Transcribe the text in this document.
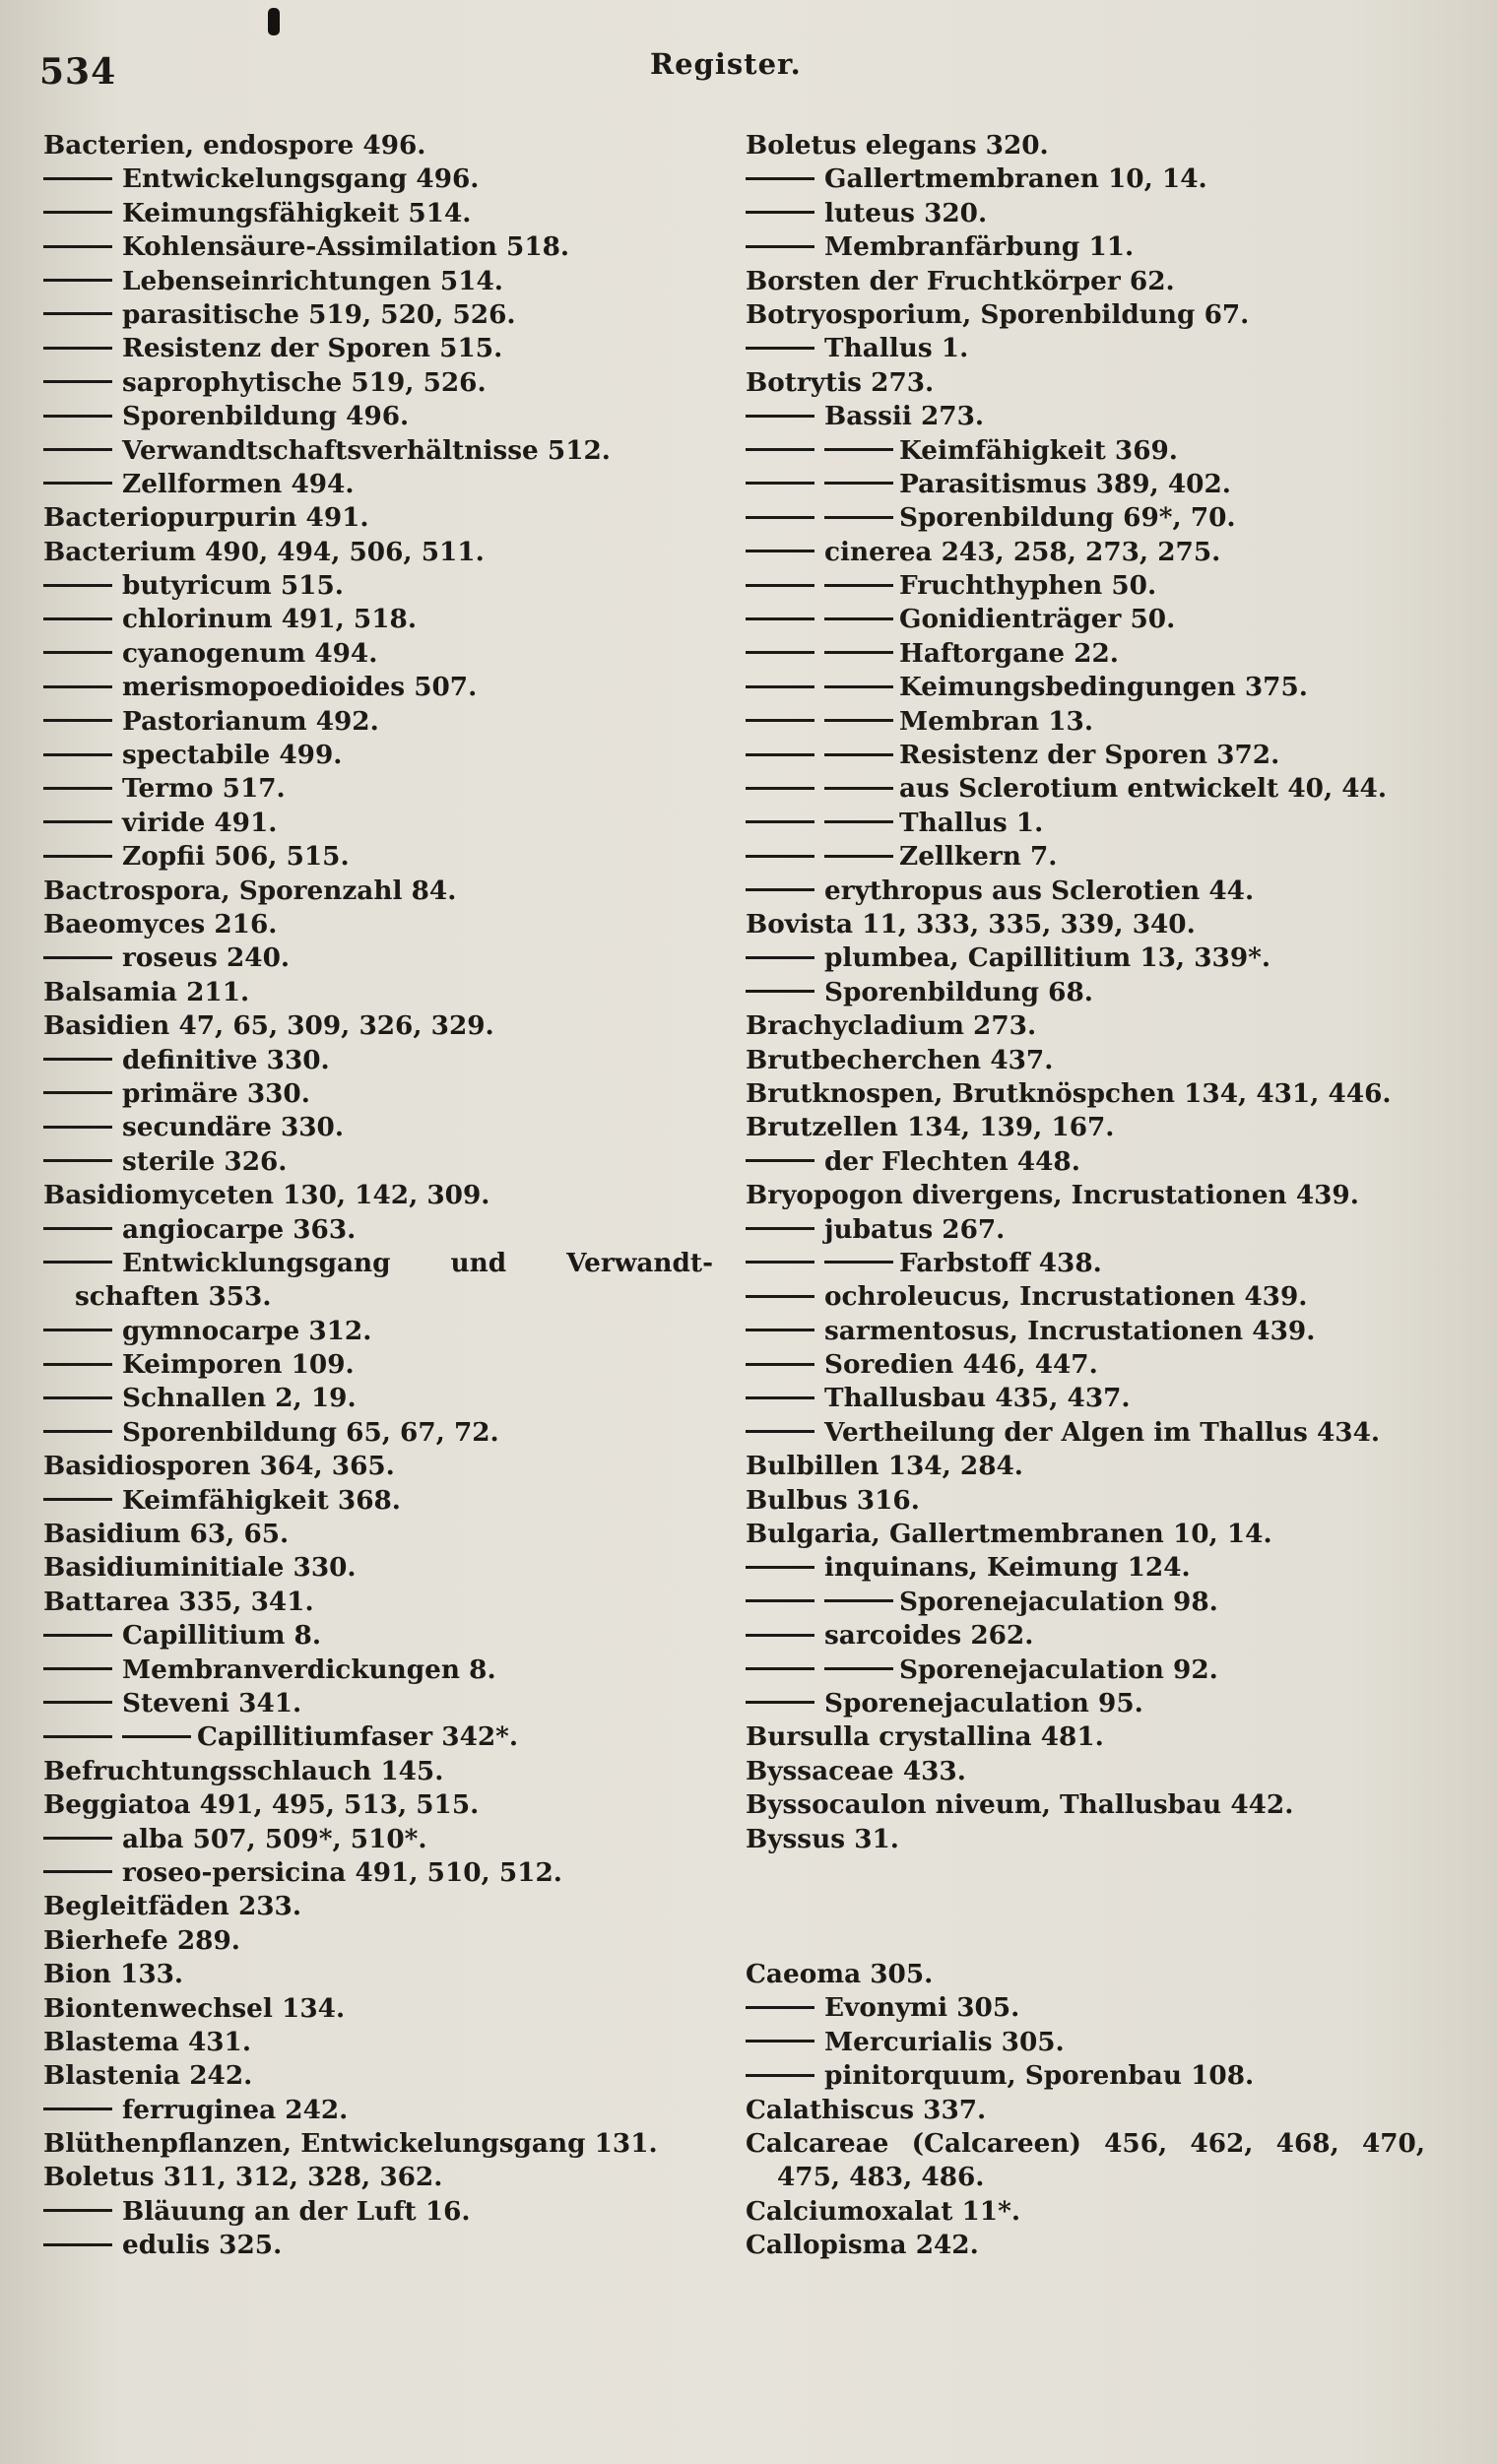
534	Register.
Bacterien, endospore 496.
Entwickelungsgang 496.
Keimungsfähigkeit 514.
Kohlensäure-Assimilation 518.
Lebenseinrichtungen 514.
parasitische 519, 520, 526.
Resistenz der Sporen 515.
saprophytische 519, 526.
Sporenbildung 496.
Verwandtschaftsverhältnisse 512.
Zellformen 494.
Bacteriopurpurin 491.
Bacterium 490, 494, 506, 511.
butyricum 515.
chlorinum 491, 518.
cyanogenum 494.
merismopoedioides 507.
Pastorianum 492.
spectabile 499.
Termo 517.
viride 491.
Zopfii 506, 515.
Bactrospora, Sporenzahl 84.
Baeomyces 216.
roseus 240.
Balsamia 211.
Basidien 47, 65, 309, 326, 329.
definitive 330.
primäre 330.
secundäre 330.
sterile 326.
Basidiomyceten 130, 142, 309.
angiocarpe 363.
Entwicklungsgang und Verwandt-
schaften 353.
gymnocarpe 312.
Keimporen 109.
Schnallen 2, 19.
Sporenbildung 65, 67, 72.
Basidiosporen 364, 365.
Keimfähigkeit 368.
Basidium 63, 65.
Basidiuminitiale 330.
Battarea 335, 341.
Capillitium 8.
Membranverdickungen 8.
Steveni 341.
Capillitiumfaser 342*.
Befruchtungsschlauch 145.
Beggiatoa 491, 495, 513, 515.
alba 507, 509*, 510*.
roseo-persicina 491, 510, 512.
Begleitfäden 233.
Bierhefe 289.
Bion 133.
Biontenwechsel 134.
Blastema 431.
Blastenia 242.
ferruginea 242.
Blüthenpflanzen, Entwickelungsgang 131.
Boletus 311, 312, 328, 362.
Bläuung an der Luft 16.
edulis 325.
Boletus elegans 320.
Gallertmembranen 10, 14.
luteus 320.
Membranfärbung 11.
Borsten der Fruchtkörper 62.
Botryosporium, Sporenbildung 67.
Thallus 1.
Botrytis 273.
Bassii 273.
Keimfähigkeit 369.
Parasitismus 389, 402.
Sporenbildung 69*, 70.
cinerea 243, 258, 273, 275.
Fruchthyphen 50.
Gonidienträger 50.
Haftorgane 22.
Keimungsbedingungen 375.
Membran 13.
Resistenz der Sporen 372.
aus Sclerotium entwickelt 40, 44.
Thallus 1.
Zellkern 7.
erythropus aus Sclerotien 44.
Bovista 11, 333, 335, 339, 340.
plumbea, Capillitium 13, 339*.
Sporenbildung 68.
Brachycladium 273.
Brutbecherchen 437.
Brutknospen, Brutknöspchen 134, 431, 446.
Brutzellen 134, 139, 167.
der Flechten 448.
Bryopogon divergens, Incrustationen 439.
jubatus 267.
Farbstoff 438.
ochroleucus, Incrustationen 439.
sarmentosus, Incrustationen 439.
Soredien 446, 447.
Thallusbau 435, 437.
Vertheilung der Algen im Thallus 434.
Bulbillen 134, 284.
Bulbus 316.
Bulgaria, Gallertmembranen 10, 14.
inquinans, Keimung 124.
Sporenejaculation 98.
sarcoides 262.
Sporenejaculation 92.
Sporenejaculation 95.
Bursulla crystallina 481.
Byssaceae 433.
Byssocaulon niveum, Thallusbau 442.
Byssus 31.
Caeoma 305.
Evonymi 305.
Mercurialis 305.
pinitorquum, Sporenbau 108.
Calathiscus 337.
Calcareae (Calcareen) 456, 462, 468, 470,
475, 483, 486.
Calciumoxalat 11*.
Callopisma 242.
